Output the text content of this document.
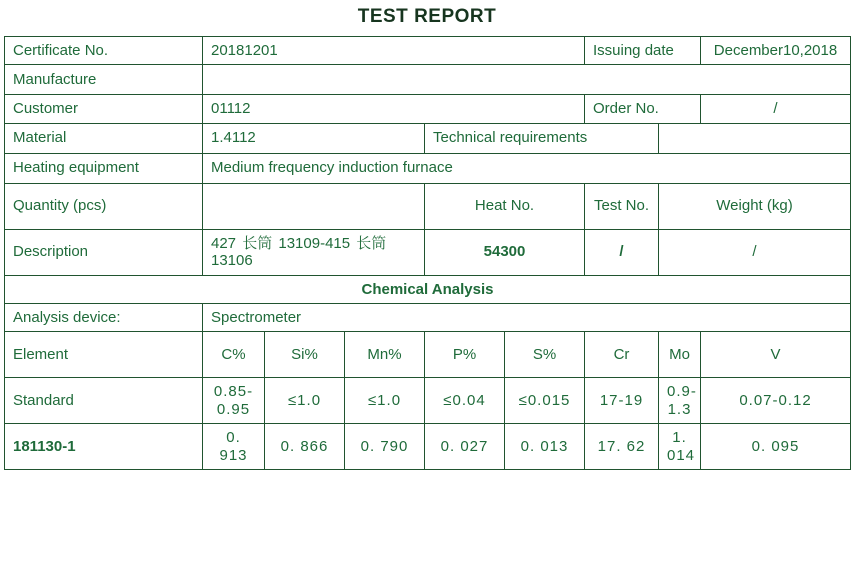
TEST REPORT
Certificate No.	20181201					Issuing date		December10,2018
Manufacture								
Customer	01112					Order No.		/
Material	1.4112			Technical requirements				
Heating equipment	Medium frequency induction furnace							
Quantity (pcs)				Heat No.		Test No.	Weight (kg)	
Description	427 长筒 13109-415 长筒 13106			54300		/	/	
Chemical Analysis								
Analysis device:	Spectrometer							
Element	C%	Si%	Mn%	P%	S%	Cr	Mo	V
Standard	0.85-0.95	≤1.0	≤1.0	≤0.04	≤0.015	17-19	0.9-1.3	0.07-0.12
181130-1	0. 913	0. 866	0. 790	0. 027	0. 013	17. 62	1. 014	0. 095
